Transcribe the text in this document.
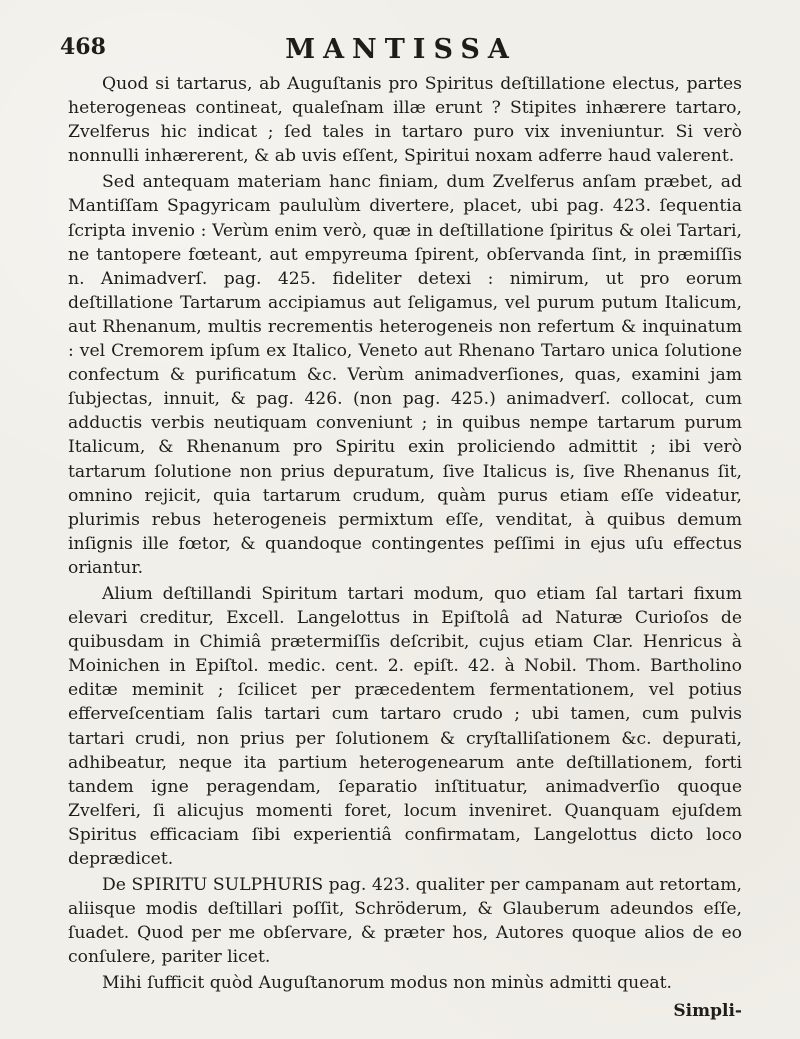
468	MANTISSA

Quod si tartarus, ab Auguſtanis pro Spiritus deſtillatione electus, partes heterogeneas contineat, qualeſnam illæ erunt ? Stipites inhærere tartaro, Zvelferus hic indicat ; ſed tales in tartaro puro vix inveniuntur. Si verò nonnulli inhærerent, & ab uvis eſſent, Spiritui noxam adferre haud valerent.

Sed antequam materiam hanc finiam, dum Zvelferus anſam præbet, ad Mantiſſam Spagyricam paululùm divertere, placet, ubi pag. 423. ſequentia ſcripta invenio : Verùm enim verò, quæ in deſtillatione ſpiritus & olei Tartari, ne tantopere fœteant, aut empyreuma ſpirent, obſervanda ſint, in præmiſſis n. Animadverſ. pag. 425. fideliter detexi : nimirum, ut pro eorum deſtillatione Tartarum accipiamus aut ſeligamus, vel purum putum Italicum, aut Rhenanum, multis recrementis heterogeneis non refertum & inquinatum : vel Cremorem ipſum ex Italico, Veneto aut Rhenano Tartaro unica ſolutione confectum & purificatum &c. Verùm animadverſiones, quas, examini jam ſubjectas, innuit, & pag. 426. (non pag. 425.) animadverſ. collocat, cum adductis verbis neutiquam conveniunt ; in quibus nempe tartarum purum Italicum, & Rhenanum pro Spiritu exin proliciendo admittit ; ibi verò tartarum ſolutione non prius depuratum, ſive Italicus is, ſive Rhenanus ſit, omnino rejicit, quia tartarum crudum, quàm purus etiam eſſe videatur, plurimis rebus heterogeneis permixtum eſſe, venditat, à quibus demum inſignis ille fœtor, & quandoque contingentes peſſimi in ejus uſu effectus oriantur.

Alium deſtillandi Spiritum tartari modum, quo etiam ſal tartari fixum elevari creditur, Excell. Langelottus in Epiſtolâ ad Naturæ Curioſos de quibusdam in Chimiâ prætermiſſis deſcribit, cujus etiam Clar. Henricus à Moinichen in Epiſtol. medic. cent. 2. epiſt. 42. à Nobil. Thom. Bartholino editæ meminit ; ſcilicet per præcedentem fermentationem, vel potius effervеſcentiam ſalis tartari cum tartaro crudo ; ubi tamen, cum pulvis tartari crudi, non prius per ſolutionem & cryſtalliſationem &c. depurati, adhibeatur, neque ita partium heterogenearum ante deſtillationem, forti tandem igne peragendam, ſeparatio inſtituatur, animadverſio quoque Zvelferi, ſi alicujus momenti foret, locum inveniret. Quanquam ejuſdem Spiritus efficaciam ſibi experientiâ confirmatam, Langelottus dicto loco deprædicet.

De SPIRITU SULPHURIS pag. 423. qualiter per campanam aut retortam, aliisque modis deſtillari poſſit, Schröderum, & Glauberum adeundos eſſe, ſuadet. Quod per me obſervare, & præter hos, Autores quoque alios de eo conſulere, pariter licet.

Mihi ſufficit quòd Auguſtanorum modus non minùs admitti queat.

Simpli-
